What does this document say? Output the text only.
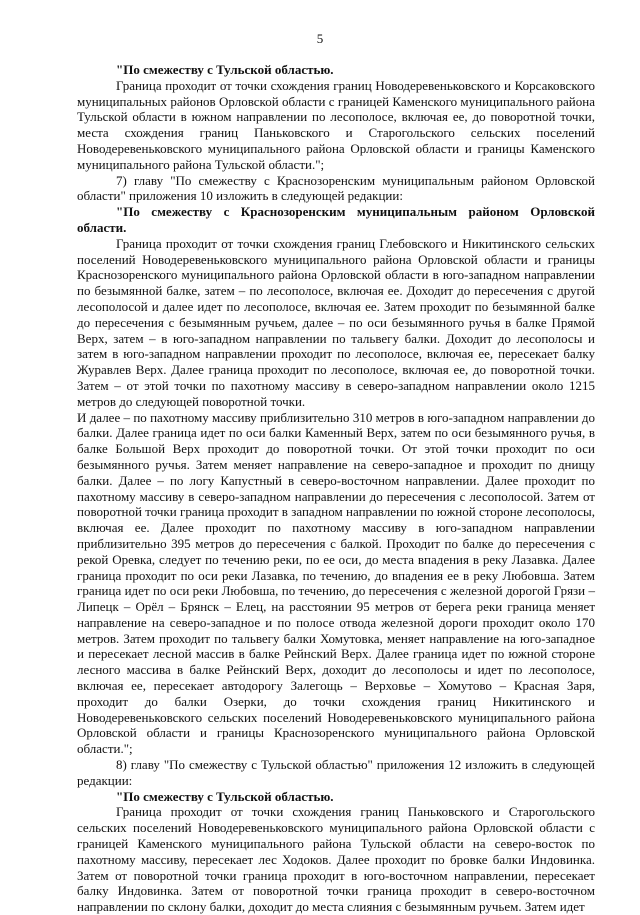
5

"По смежеству с Тульской областью.

Граница проходит от точки схождения границ Новодеревеньковского и Корсаковского муниципальных районов Орловской области с границей Каменского муниципального района Тульской области в южном направлении по лесополосе, включая ее, до поворотной точки, места схождения границ Паньковского и Старогольского сельских поселений Новодеревеньковского муниципального района Орловской области и границы Каменского муниципального района Тульской области.";

7) главу "По смежеству с Краснозоренским муниципальным районом Орловской области" приложения 10 изложить в следующей редакции:

"По смежеству с Краснозоренским муниципальным районом Орловской области.

Граница проходит от точки схождения границ Глебовского и Никитинского сельских поселений Новодеревеньковского муниципального района Орловской области и границы Краснозоренского муниципального района Орловской области в юго-западном направлении по безымянной балке, затем – по лесополосе, включая ее. Доходит до пересечения с другой лесополосой и далее идет по лесополосе, включая ее. Затем проходит по безымянной балке до пересечения с безымянным ручьем, далее – по оси безымянного ручья в балке Прямой Верх, затем – в юго-западном направлении по тальвегу балки. Доходит до лесополосы и затем в юго-западном направлении проходит по лесополосе, включая ее, пересекает балку Журавлев Верх. Далее граница проходит по лесополосе, включая ее, до поворотной точки. Затем – от этой точки по пахотному массиву в северо-западном направлении около 1215 метров до следующей поворотной точки.

И далее – по пахотному массиву приблизительно 310 метров в юго-западном направлении до балки. Далее граница идет по оси балки Каменный Верх, затем по оси безымянного ручья, в балке Большой Верх проходит до поворотной точки. От этой точки проходит по оси безымянного ручья. Затем меняет направление на северо-западное и проходит по днищу балки. Далее – по логу Капустный в северо-восточном направлении. Далее проходит по пахотному массиву в северо-западном направлении до пересечения с лесополосой. Затем от поворотной точки граница проходит в западном направлении по южной стороне лесополосы, включая ее. Далее проходит по пахотному массиву в юго-западном направлении приблизительно 395 метров до пересечения с балкой. Проходит по балке до пересечения с рекой Оревка, следует по течению реки, по ее оси, до места впадения в реку Лазавка. Далее граница проходит по оси реки Лазавка, по течению, до впадения ее в реку Любовша. Затем граница идет по оси реки Любовша, по течению, до пересечения с железной дорогой Грязи – Липецк – Орёл – Брянск – Елец, на расстоянии 95 метров от берега реки граница меняет направление на северо-западное и по полосе отвода железной дороги проходит около 170 метров. Затем проходит по тальвегу балки Хомутовка, меняет направление на юго-западное и пересекает лесной массив в балке Рейнский Верх. Далее граница идет по южной стороне лесного массива в балке Рейнский Верх, доходит до лесополосы и идет по лесополосе, включая ее, пересекает автодорогу Залегощь – Верховье – Хомутово – Красная Заря, проходит до балки Озерки, до точки схождения границ Никитинского и Новодеревеньковского сельских поселений Новодеревеньковского муниципального района Орловской области и границы Краснозоренского муниципального района Орловской области.";

8) главу "По смежеству с Тульской областью" приложения 12 изложить в следующей редакции:

"По смежеству с Тульской областью.

Граница проходит от точки схождения границ Паньковского и Старогольского сельских поселений Новодеревеньковского муниципального района Орловской области с границей Каменского муниципального района Тульской области на северо-восток по пахотному массиву, пересекает лес Ходоков. Далее проходит по бровке балки Индовинка. Затем от поворотной точки граница проходит в юго-восточном направлении, пересекает балку Индовинка. Затем от поворотной точки граница проходит в северо-восточном направлении по склону балки, доходит до места слияния с безымянным ручьем. Затем идет
